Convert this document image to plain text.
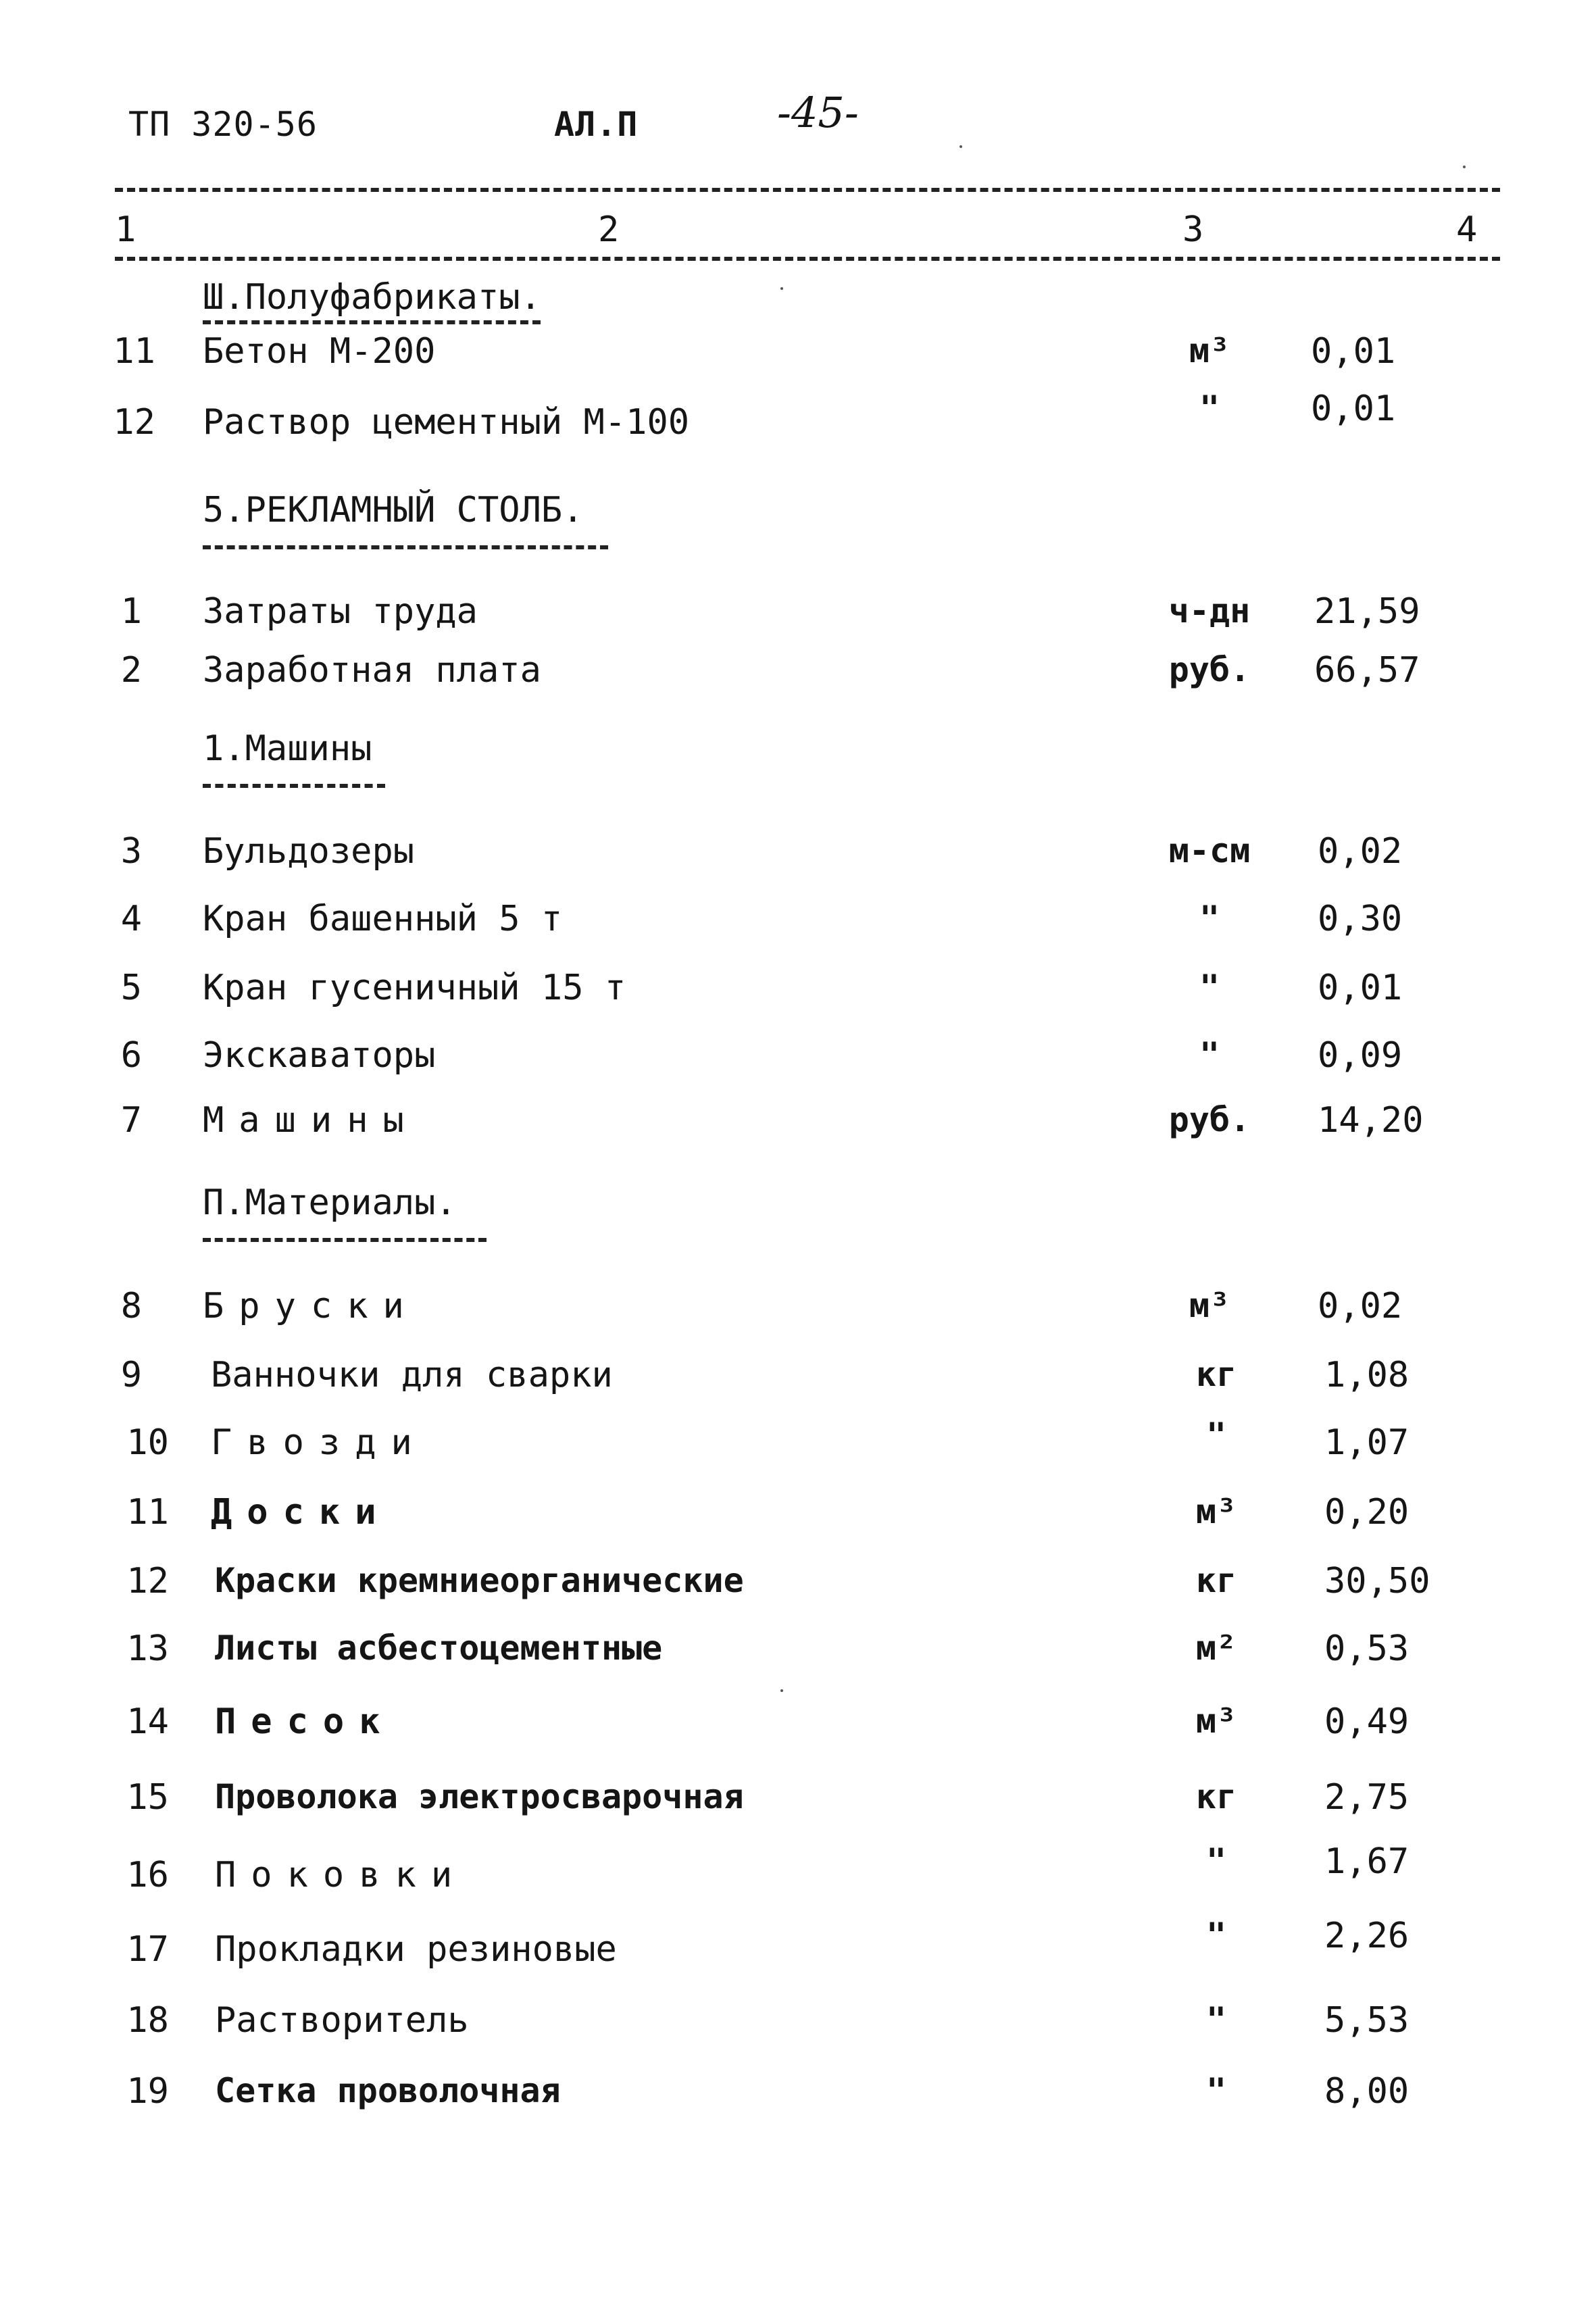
ТП 320-56	АЛ.П	-45-
1	2	3	4
Ш.Полуфабрикаты.
11 Бетон М-200	м³	0,01
12 Раствор цементный М-100	"	0,01
5.РЕКЛАМНЫЙ СТОЛБ.
1 Затраты труда	ч-дн	21,59
2 Заработная плата	руб.	66,57
1.Машины
3 Бульдозеры	м-см	0,02
4 Кран башенный 5 т	"	0,30
5 Кран гусеничный 15 т	"	0,01
6 Экскаваторы	"	0,09
7 Машины	руб.	14,20
П.Материалы.
8 Бруски	м³	0,02
9 Ванночки для сварки	кг	1,08
10 Гвозди	"	1,07
11 Доски	м³	0,20
12 Краски кремниеорганические	кг	30,50
13 Листы асбестоцементные	м²	0,53
14 Песок	м³	0,49
15 Проволока электросварочная	кг	2,75
16 Поковки	"	1,67
17 Прокладки резиновые	"	2,26
18 Растворитель	"	5,53
19 Сетка проволочная	"	8,00
